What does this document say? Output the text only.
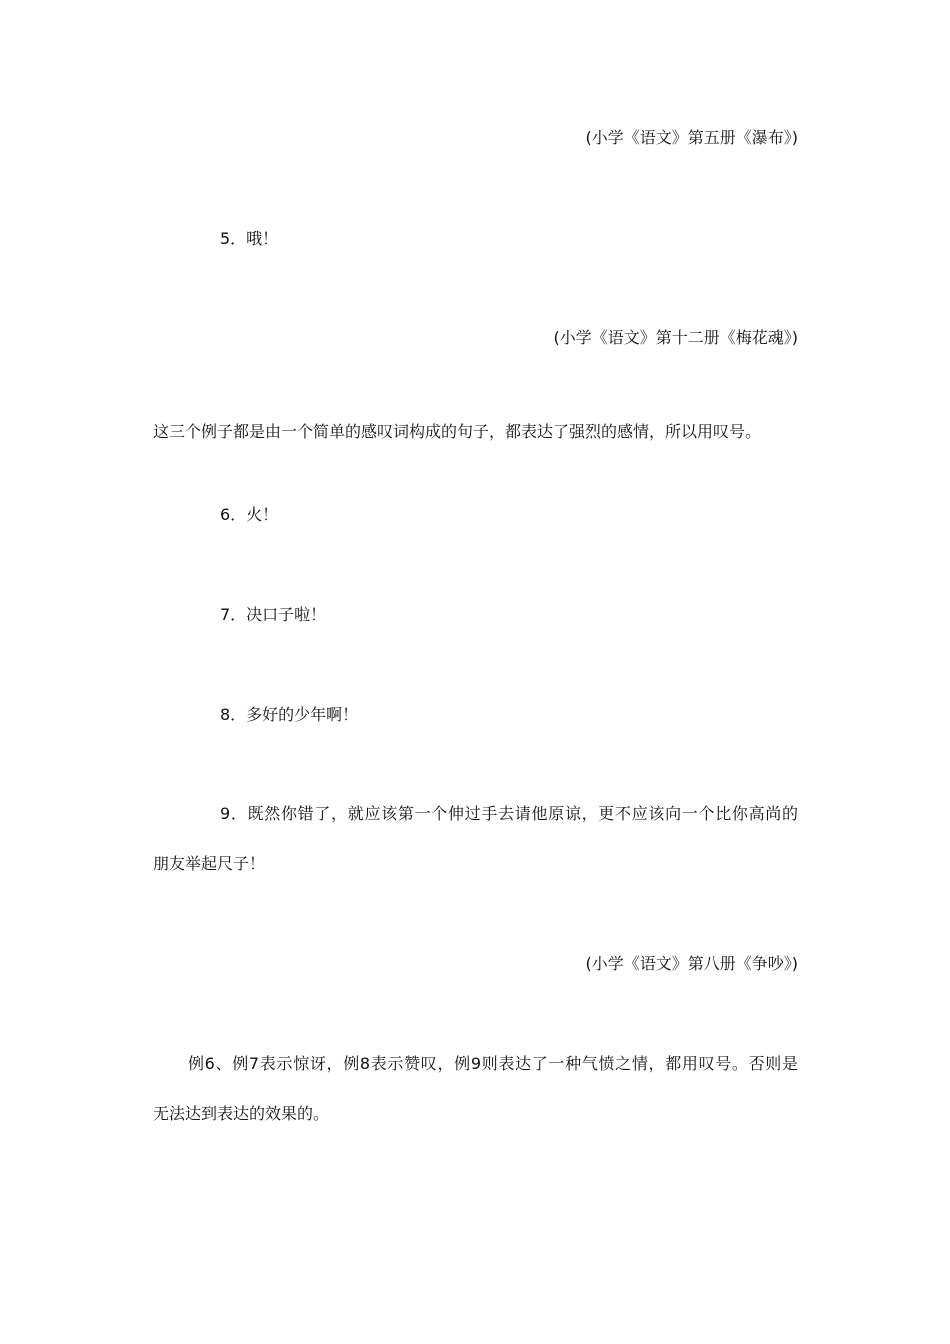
(小学《语文》第五册《瀑布》)
5．哦！
(小学《语文》第十二册《梅花魂》)
这三个例子都是由一个简单的感叹词构成的句子，都表达了强烈的感情，所以用叹号。
6．火！
7．决口子啦！
8．多好的少年啊！
9．既然你错了，就应该第一个伸过手去请他原谅，更不应该向一个比你高尚的
朋友举起尺子！
(小学《语文》第八册《争吵》)
例6、例7表示惊讶，例8表示赞叹，例9则表达了一种气愤之情，都用叹号。否则是
无法达到表达的效果的。
